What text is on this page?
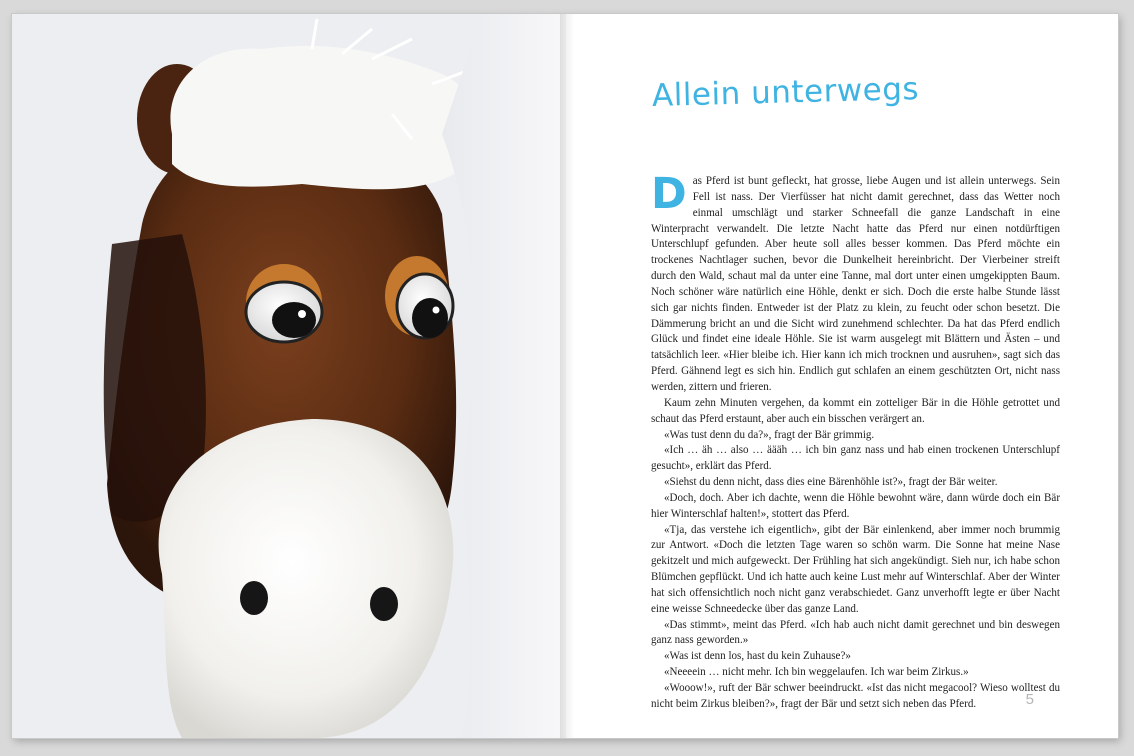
Allein unterwegs

Das Pferd ist bunt gefleckt, hat grosse, liebe Augen und ist allein unterwegs. Sein Fell ist nass. Der Vierfüsser hat nicht damit gerechnet, dass das Wetter noch einmal umschlägt und starker Schneefall die ganze Landschaft in eine Winterpracht verwandelt. Die letzte Nacht hatte das Pferd nur einen notdürftigen Unterschlupf gefunden. Aber heute soll alles besser kommen. Das Pferd möchte ein trockenes Nachtlager suchen, bevor die Dunkelheit hereinbricht. Der Vierbeiner streift durch den Wald, schaut mal da unter eine Tanne, mal dort unter einen umgekippten Baum. Noch schöner wäre natürlich eine Höhle, denkt er sich. Doch die erste halbe Stunde lässt sich gar nichts finden. Entweder ist der Platz zu klein, zu feucht oder schon besetzt. Die Dämmerung bricht an und die Sicht wird zunehmend schlechter. Da hat das Pferd endlich Glück und findet eine ideale Höhle. Sie ist warm ausgelegt mit Blättern und Ästen – und tatsächlich leer. «Hier bleibe ich. Hier kann ich mich trocknen und ausruhen», sagt sich das Pferd. Gähnend legt es sich hin. Endlich gut schlafen an einem geschützten Ort, nicht nass werden, zittern und frieren.

Kaum zehn Minuten vergehen, da kommt ein zotteliger Bär in die Höhle getrottet und schaut das Pferd erstaunt, aber auch ein bisschen verärgert an.

«Was tust denn du da?», fragt der Bär grimmig.

«Ich … äh … also … äääh … ich bin ganz nass und hab einen trockenen Unterschlupf gesucht», erklärt das Pferd.

«Siehst du denn nicht, dass dies eine Bärenhöhle ist?», fragt der Bär weiter.

«Doch, doch. Aber ich dachte, wenn die Höhle bewohnt wäre, dann würde doch ein Bär hier Winterschlaf halten!», stottert das Pferd.

«Tja, das verstehe ich eigentlich», gibt der Bär einlenkend, aber immer noch brummig zur Antwort. «Doch die letzten Tage waren so schön warm. Die Sonne hat meine Nase gekitzelt und mich aufgeweckt. Der Frühling hat sich angekündigt. Sieh nur, ich habe schon Blümchen gepflückt. Und ich hatte auch keine Lust mehr auf Winterschlaf. Aber der Winter hat sich offensichtlich noch nicht ganz verabschiedet. Ganz unverhofft legte er über Nacht eine weisse Schneedecke über das ganze Land.

«Das stimmt», meint das Pferd. «Ich hab auch nicht damit gerechnet und bin deswegen ganz nass geworden.»

«Was ist denn los, hast du kein Zuhause?»

«Neeeein … nicht mehr. Ich bin weggelaufen. Ich war beim Zirkus.»

«Wooow!», ruft der Bär schwer beeindruckt. «Ist das nicht megacool? Wieso wolltest du nicht beim Zirkus bleiben?», fragt der Bär und setzt sich neben das Pferd.	5
